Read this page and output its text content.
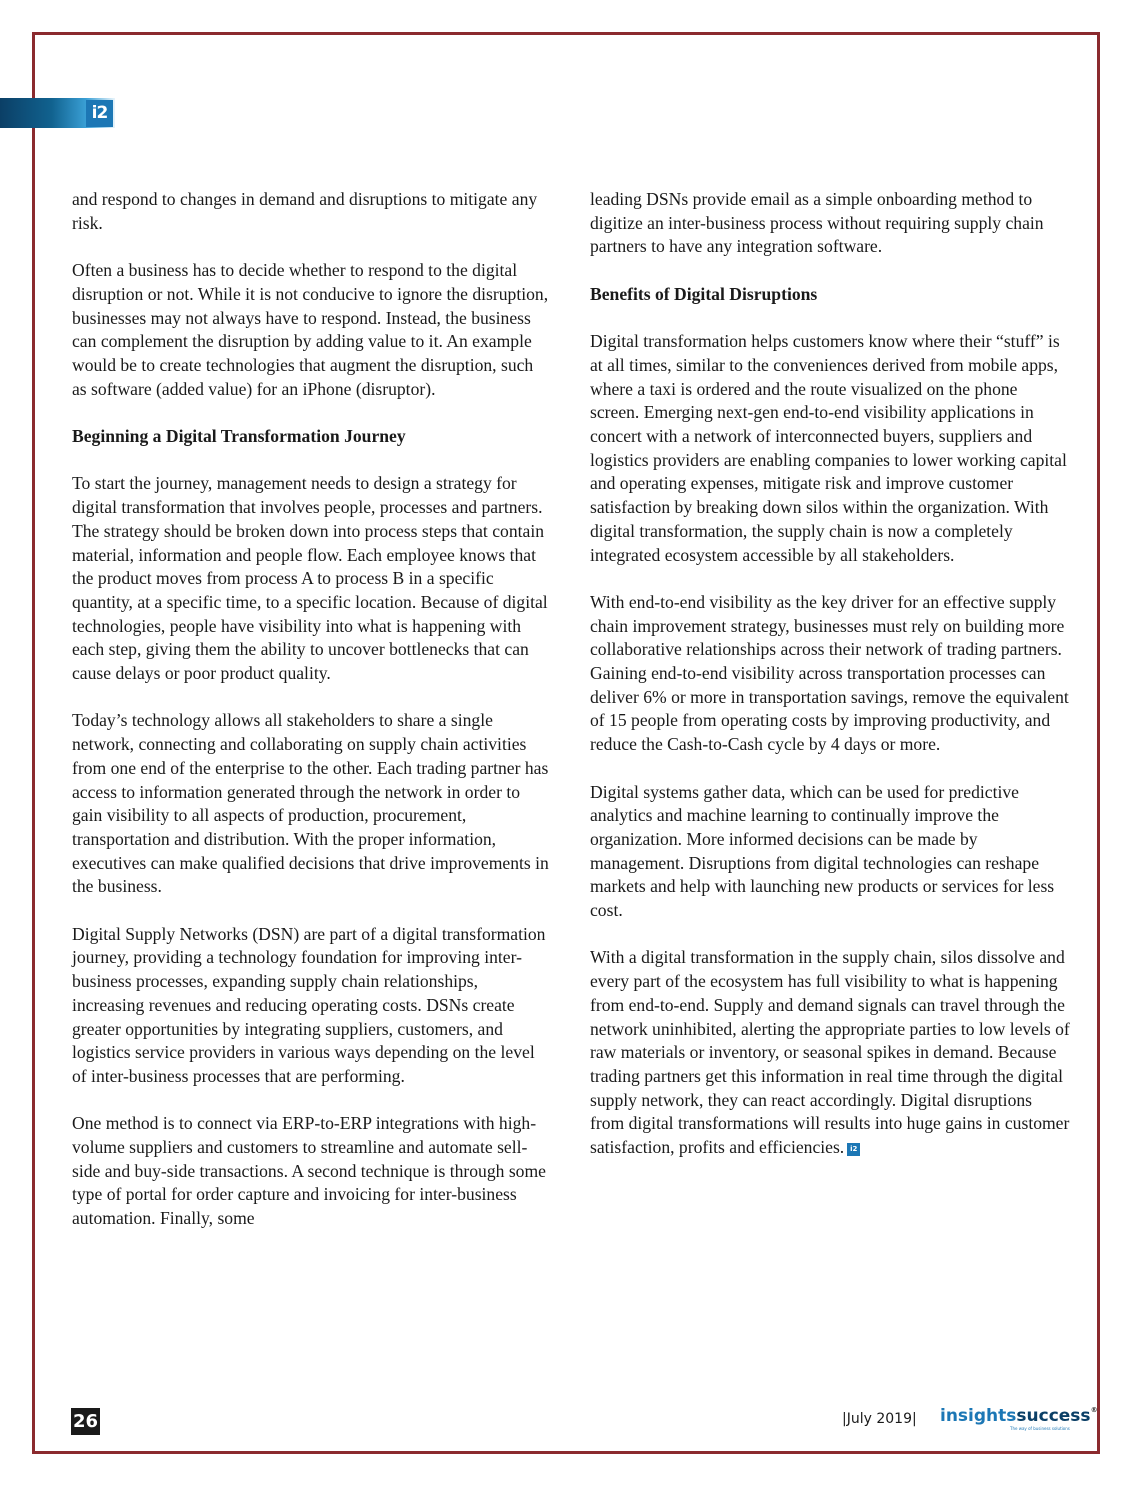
i2

and respond to changes in demand and disruptions to mitigate any risk.

Often a business has to decide whether to respond to the digital disruption or not. While it is not conducive to ignore the disruption, businesses may not always have to respond. Instead, the business can complement the disruption by adding value to it. An example would be to create technologies that augment the disruption, such as software (added value) for an iPhone (disruptor).

Beginning a Digital Transformation Journey

To start the journey, management needs to design a strategy for digital transformation that involves people, processes and partners. The strategy should be broken down into process steps that contain material, information and people flow. Each employee knows that the product moves from process A to process B in a specific quantity, at a specific time, to a specific location. Because of digital technologies, people have visibility into what is happening with each step, giving them the ability to uncover bottlenecks that can cause delays or poor product quality.

Today’s technology allows all stakeholders to share a single network, connecting and collaborating on supply chain activities from one end of the enterprise to the other. Each trading partner has access to information generated through the network in order to gain visibility to all aspects of production, procurement, transportation and distribution. With the proper information, executives can make qualified decisions that drive improvements in the business.

Digital Supply Networks (DSN) are part of a digital transformation journey, providing a technology foundation for improving inter-business processes, expanding supply chain relationships, increasing revenues and reducing operating costs. DSNs create greater opportunities by integrating suppliers, customers, and logistics service providers in various ways depending on the level of inter-business processes that are performing.

One method is to connect via ERP-to-ERP integrations with high-volume suppliers and customers to streamline and automate sell-side and buy-side transactions. A second technique is through some type of portal for order capture and invoicing for inter-business automation. Finally, some

leading DSNs provide email as a simple onboarding method to digitize an inter-business process without requiring supply chain partners to have any integration software.

Benefits of Digital Disruptions

Digital transformation helps customers know where their “stuff” is at all times, similar to the conveniences derived from mobile apps, where a taxi is ordered and the route visualized on the phone screen. Emerging next-gen end-to-end visibility applications in concert with a network of interconnected buyers, suppliers and logistics providers are enabling companies to lower working capital and operating expenses, mitigate risk and improve customer satisfaction by breaking down silos within the organization. With digital transformation, the supply chain is now a completely integrated ecosystem accessible by all stakeholders.

With end-to-end visibility as the key driver for an effective supply chain improvement strategy, businesses must rely on building more collaborative relationships across their network of trading partners. Gaining end-to-end visibility across transportation processes can deliver 6% or more in transportation savings, remove the equivalent of 15 people from operating costs by improving productivity, and reduce the Cash-to-Cash cycle by 4 days or more.

Digital systems gather data, which can be used for predictive analytics and machine learning to continually improve the organization. More informed decisions can be made by management. Disruptions from digital technologies can reshape markets and help with launching new products or services for less cost.

With a digital transformation in the supply chain, silos dissolve and every part of the ecosystem has full visibility to what is happening from end-to-end. Supply and demand signals can travel through the network uninhibited, alerting the appropriate parties to low levels of raw materials or inventory, or seasonal spikes in demand. Because trading partners get this information in real time through the digital supply network, they can react accordingly. Digital disruptions from digital transformations will results into huge gains in customer satisfaction, profits and efficiencies. i2

26	|July 2019| insightssuccess®
The way of business solutions
